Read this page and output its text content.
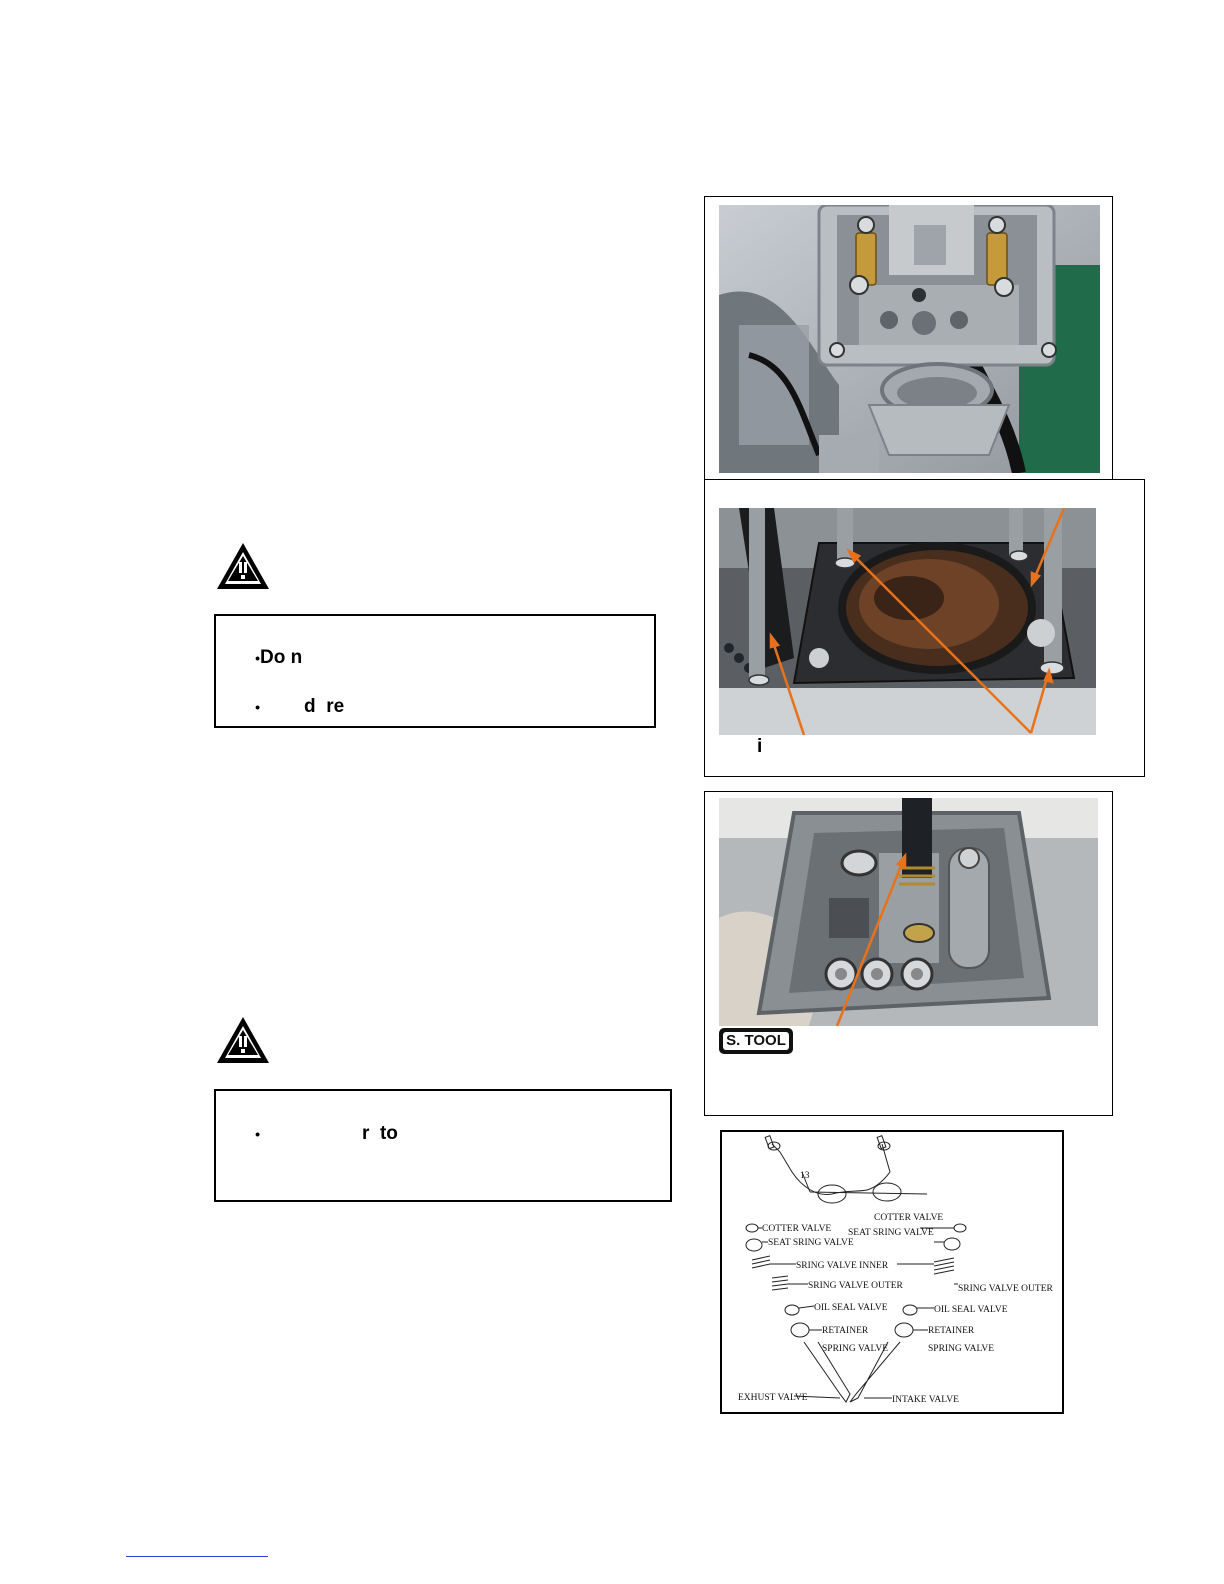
•Do n

• d  re

•	r  to

i
S. TOOL
13
COTTER VALVE
SEAT SRING VALVE
SRING VALVE INNER
SRING VALVE OUTER
OIL SEAL VALVE
RETAINER
SPRING VALVE
EXHUST VALVE
COTTER VALVE
SEAT SRING VALVE
SRING VALVE OUTER
OIL SEAL VALVE
RETAINER
SPRING VALVE
INTAKE VALVE
